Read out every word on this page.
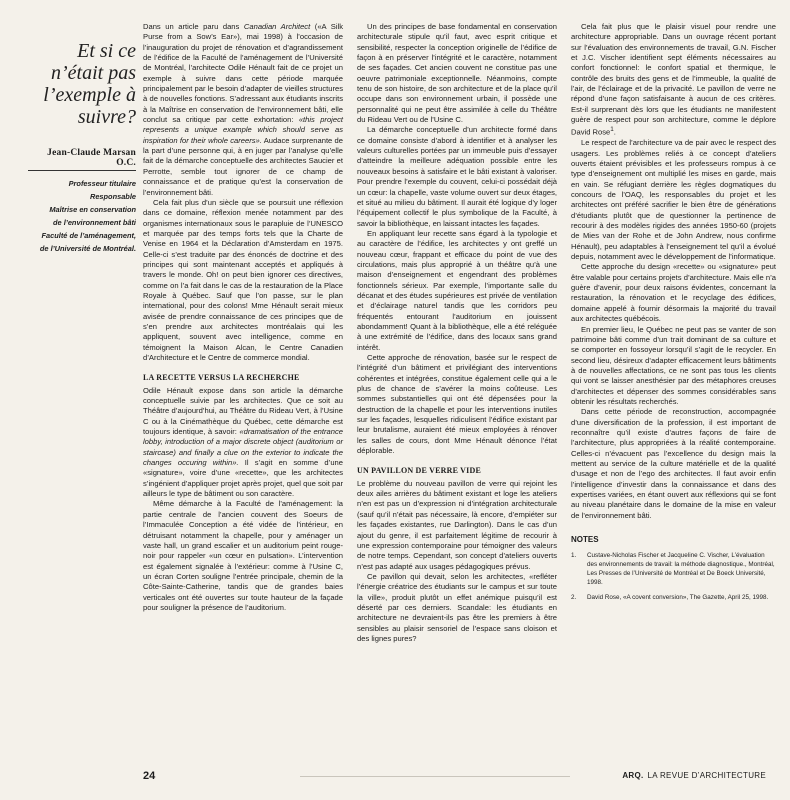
Et si ce n’était pas l’exemple à suivre?
Jean-Claude Marsan O.C.
Professeur titulaire
Responsable
Maîtrise en conservation
de l’environnement bâti
Faculté de l’aménagement,
de l’Université de Montréal.

Dans un article paru dans Canadian Architect («A Silk Purse from a Sow’s Ear»), mai 1998) à l’occasion de l’inauguration du projet de rénovation et d’agrandissement de l’édifice de la Faculté de l’aménagement de l’Université de Montréal, l’architecte Odile Hénault fait de ce projet un exemple à suivre dans cette période marquée principalement par le besoin d’adapter de vieilles structures à de nouvelles fonctions. S’adressant aux étudiants inscrits à la Maîtrise en conservation de l’environnement bâti, elle conclut sa critique par cette exhortation: «this project represents a unique example which should serve as inspiration for their whole careers». Audace surprenante de la part d’une personne qui, à en juger par l’analyse qu’elle fait de la démarche conceptuelle des architectes Saucier et Perrotte, semble tout ignorer de ce champ de connaissance et de pratique qu’est la conservation de l’environnement bâti.

Cela fait plus d’un siècle que se poursuit une réflexion dans ce domaine, réflexion menée notamment par des organismes internationaux sous le parapluie de l’UNESCO et marquée par des temps forts tels que la Charte de Venise en 1964 et la Déclaration d’Amsterdam en 1975. Celle-ci s’est traduite par des énoncés de doctrine et des principes qui sont maintenant acceptés et appliqués à travers le monde. Oh! on peut bien ignorer ces directives, comme on l’a fait dans le cas de la restauration de la Place Royale à Québec. Sauf que l’on passe, sur le plan international, pour des colons! Mme Hénault serait mieux avisée de prendre connaissance de ces principes que de s’en prendre aux architectes montréalais qui les appliquent, souvent avec intelligence, comme en témoignent la Maison Alcan, le Centre Canadien d’Architecture et le Centre de commerce mondial.

LA RECETTE VERSUS LA RECHERCHE

Odile Hénault expose dans son article la démarche conceptuelle suivie par les architectes. Que ce soit au Théâtre d’aujourd’hui, au Théâtre du Rideau Vert, à l’Usine C ou à la Cinémathèque du Québec, cette démarche est toujours identique, à savoir: «dramatisation of the entrance lobby, introduction of a major discrete object (auditorium or staircase) and finally a clue on the exterior to indicate the changes occuring within». Il s’agit en somme d’une «signature», voire d’une «recette», que les architectes s’ingénient d’appliquer projet après projet, quel que soit par ailleurs le type de bâtiment ou son caractère.

Même démarche à la Faculté de l’aménagement: la partie centrale de l’ancien couvent des Soeurs de l’Immaculée Conception a été vidée de l’intérieur, en détruisant notamment la chapelle, pour y aménager un vaste hall, un grand escalier et un auditorium peint rouge-noir pour rappeler «un cœur en pulsation». L’intervention est également signalée à l’extérieur: comme à l’Usine C, un écran Corten souligne l’entrée principale, chemin de la Côte-Sainte-Catherine, tandis que de grandes baies verticales ont été ouvertes sur toute hauteur de la façade pour souligner la présence de l’auditorium.

Un des principes de base fondamental en conservation architecturale stipule qu’il faut, avec esprit critique et sensibilité, respecter la conception originelle de l’édifice de façon à en préserver l’intégrité et le caractère, notamment de ses façades. Cet ancien couvent ne constitue pas une oeuvre patrimoniale exceptionnelle. Néanmoins, compte tenu de son histoire, de son architecture et de la place qu’il occupe dans son environnement urbain, il possède une personnalité qui ne peut être assimilée à celle du Théâtre du Rideau Vert ou de l’Usine C.

La démarche conceptuelle d’un architecte formé dans ce domaine consiste d’abord à identifier et à analyser les valeurs culturelles portées par un immeuble puis d’essayer d’atteindre la meilleure adéquation possible entre les nouveaux besoins à satisfaire et le bâti existant à valoriser. Pour prendre l’exemple du couvent, celui-ci possédait déjà un cœur: la chapelle, vaste volume ouvert sur deux étages, et situé au milieu du bâtiment. Il aurait été logique d’y loger l’équipement collectif le plus symbolique de la Faculté, à savoir la bibliothèque, en laissant intactes les façades.

En appliquant leur recette sans égard à la typologie et au caractère de l’édifice, les architectes y ont greffé un nouveau cœur, frappant et efficace du point de vue des circulations, mais plus approprié à un théâtre qu’à une maison d’enseignement et engendrant des problèmes fonctionnels sérieux. Par exemple, l’importante salle du décanat et des études supérieures est privée de ventilation et d’éclairage naturel tandis que les corridors peu fréquentés entourant l’auditorium en jouissent abondamment! Quant à la bibliothèque, elle a été reléguée à une extrémité de l’édifice, dans des locaux sans grand intérêt.

Cette approche de rénovation, basée sur le respect de l’intégrité d’un bâtiment et privilégiant des interventions cohérentes et intégrées, constitue également celle qui a le plus de chance de s’avérer la moins coûteuse. Les sommes substantielles qui ont été dépensées pour la destruction de la chapelle et pour les interventions inutiles sur les façades, lesquelles ridiculisent l’édifice existant par leur brutalisme, auraient été mieux employées à rénover les salles de cours, dont Mme Hénault dénonce l’état déplorable.

UN PAVILLON DE VERRE VIDE

Le problème du nouveau pavillon de verre qui rejoint les deux ailes arrières du bâtiment existant et loge les ateliers n’en est pas un d’expression ni d’intégration architecturale (sauf qu’il n’était pas nécessaire, là encore, d’empiéter sur les façades existantes, rue Darlington). Dans le cas d’un ajout du genre, il est parfaitement légitime de recourir à une expression contemporaine pour témoigner des valeurs de notre temps. Cependant, son concept d’ateliers ouverts n’est pas adapté aux usages pédagogiques prévus.

Ce pavillon qui devait, selon les architectes, «refléter l’énergie créatrice des étudiants sur le campus et sur toute la ville», produit plutôt un effet anémique puisqu’il est déserté par ces derniers. Scandale: les étudiants en architecture ne devraient-ils pas être les premiers à être sensibles au plaisir sensoriel de l’espace sans cloison et des lignes pures?

Cela fait plus que le plaisir visuel pour rendre une architecture appropriable. Dans un ouvrage récent portant sur l’évaluation des environnements de travail, G.N. Fischer et J.C. Vischer identifient sept éléments nécessaires au confort fonctionnel: le confort spatial et thermique, le contrôle des bruits des gens et de l’immeuble, la qualité de l’air, de l’éclairage et de la privacité. Le pavillon de verre ne répond d’une façon satisfaisante à aucun de ces critères. Est-il surprenant dès lors que les étudiants ne manifestent guère de respect pour son architecture, comme le déplore David Rose$^1$.

Le respect de l’architecture va de pair avec le respect des usagers. Les problèmes reliés à ce concept d’ateliers ouverts étaient prévisibles et les professeurs rompus à ce type d’enseignement ont multiplié les mises en garde, mais en vain. Se réfugiant derrière les règles dogmatiques du concours de l’OAQ, les responsables du projet et les architectes ont préféré sacrifier le bien être de générations d’étudiants plutôt que de questionner la pertinence de recourir à des modèles rigides des années 1950-60 (projets de Mies van der Rohe et de John Andrew, nous confirme Hénault), peu adaptables à l’enseignement tel qu’il a évolué depuis, notamment avec le développement de l’informatique.

Cette approche du design «recette» ou «signature» peut être valable pour certains projets d’architecture. Mais elle n’a guère d’avenir, pour deux raisons évidentes, concernant la restauration, la rénovation et le recyclage des édifices, domaine appelé à fournir désormais la majorité du travail aux architectes québécois.

En premier lieu, le Québec ne peut pas se vanter de son patrimoine bâti comme d’un trait dominant de sa culture et se comporter en fossoyeur lorsqu’il s’agit de le recycler. En second lieu, désireux d’adapter efficacement leurs bâtiments à de nouvelles affectations, ce ne sont pas tous les clients qui vont se laisser anesthésier par des métaphores creuses d’architectes et dépenser des sommes considérables sans obtenir les résultats recherchés.

Dans cette période de reconstruction, accompagnée d’une diversification de la profession, il est important de reconnaître qu’il existe d’autres façons de faire de l’architecture, plus appropriées à la réalité contemporaine. Celles-ci n’évacuent pas l’excellence du design mais la mettent au service de la culture matérielle et de la qualité d’usage et non de l’ego des architectes. Il faut avoir enfin l’intelligence d’investir dans la connaissance et dans des expertises variées, en étant ouvert aux réflexions qui se font au niveau planétaire dans le domaine de la mise en valeur de l’environnement bâti.

NOTES
1.	Custave-Nicholas Fischer et Jacqueline C. Vischer, L’évaluation des environnements de travail: la méthode diagnostique., Montréal, Les Presses de l’Université de Montréal et De Boeck Université, 1998.
2.	David Rose, «A covent conversion», The Gazette, April 25, 1998.
24	ARQ. LA REVUE D’ARCHITECTURE
